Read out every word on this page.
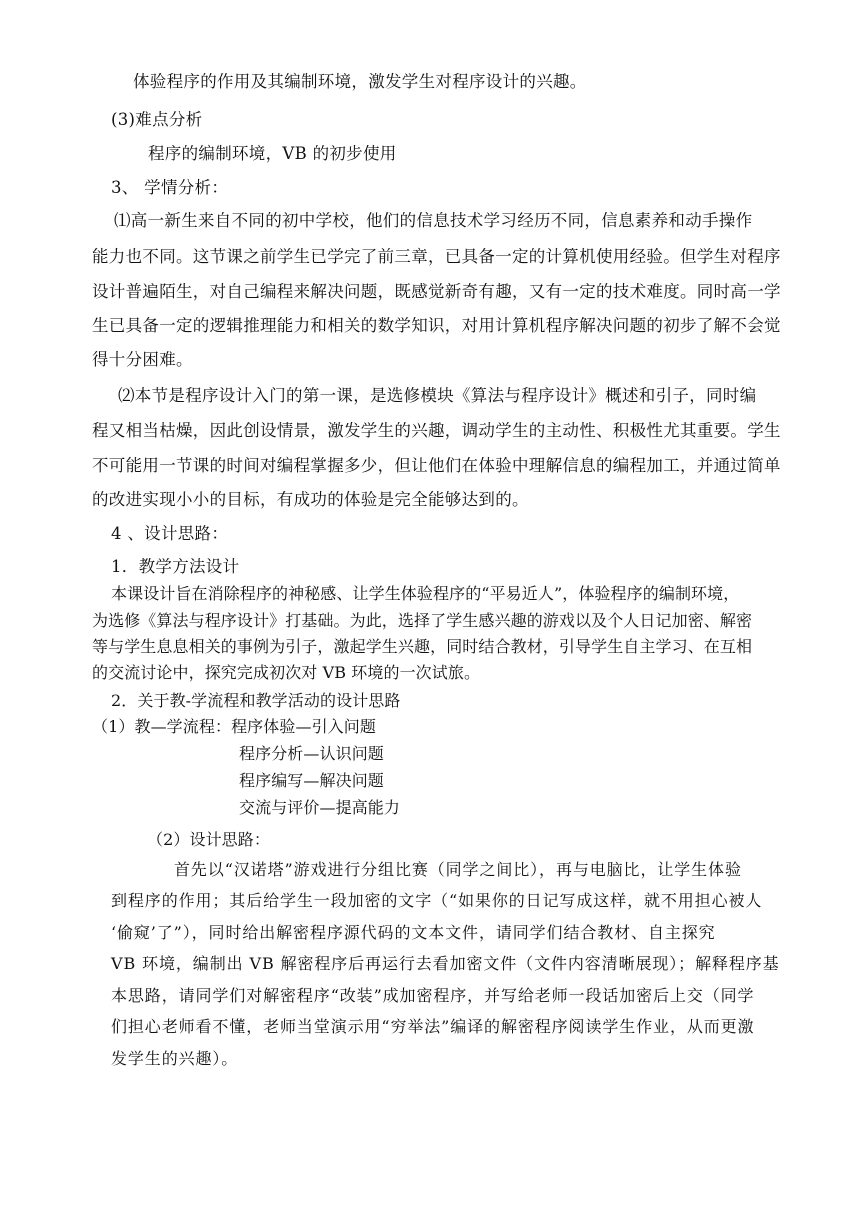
体验程序的作用及其编制环境，激发学生对程序设计的兴趣。
(3)难点分析
程序的编制环境，VB 的初步使用
3、 学情分析：
⑴高一新生来自不同的初中学校，他们的信息技术学习经历不同，信息素养和动手操作
能力也不同。这节课之前学生已学完了前三章，已具备一定的计算机使用经验。但学生对程序
设计普遍陌生，对自己编程来解决问题，既感觉新奇有趣，又有一定的技术难度。同时高一学
生已具备一定的逻辑推理能力和相关的数学知识，对用计算机程序解决问题的初步了解不会觉
得十分困难。
⑵本节是程序设计入门的第一课，是选修模块《算法与程序设计》概述和引子，同时编
程又相当枯燥，因此创设情景，激发学生的兴趣，调动学生的主动性、积极性尤其重要。学生
不可能用一节课的时间对编程掌握多少，但让他们在体验中理解信息的编程加工，并通过简单
的改进实现小小的目标，有成功的体验是完全能够达到的。
4 、设计思路：
1．教学方法设计
本课设计旨在消除程序的神秘感、让学生体验程序的“平易近人”，体验程序的编制环境，
为选修《算法与程序设计》打基础。为此，选择了学生感兴趣的游戏以及个人日记加密、解密
等与学生息息相关的事例为引子，激起学生兴趣，同时结合教材，引导学生自主学习、在互相
的交流讨论中，探究完成初次对 VB 环境的一次试旅。
2．关于教-学流程和教学活动的设计思路
（1）教—学流程：程序体验—引入问题
程序分析—认识问题
程序编写—解决问题
交流与评价—提高能力
（2）设计思路：
首先以“汉诺塔”游戏进行分组比赛（同学之间比），再与电脑比，让学生体验
到程序的作用；其后给学生一段加密的文字（“如果你的日记写成这样，就不用担心被人
‘偷窥’了”），同时给出解密程序源代码的文本文件，请同学们结合教材、自主探究
VB 环境，编制出 VB 解密程序后再运行去看加密文件（文件内容清晰展现）；解释程序基
本思路，请同学们对解密程序“改装”成加密程序，并写给老师一段话加密后上交（同学
们担心老师看不懂，老师当堂演示用“穷举法”编译的解密程序阅读学生作业，从而更激
发学生的兴趣）。
